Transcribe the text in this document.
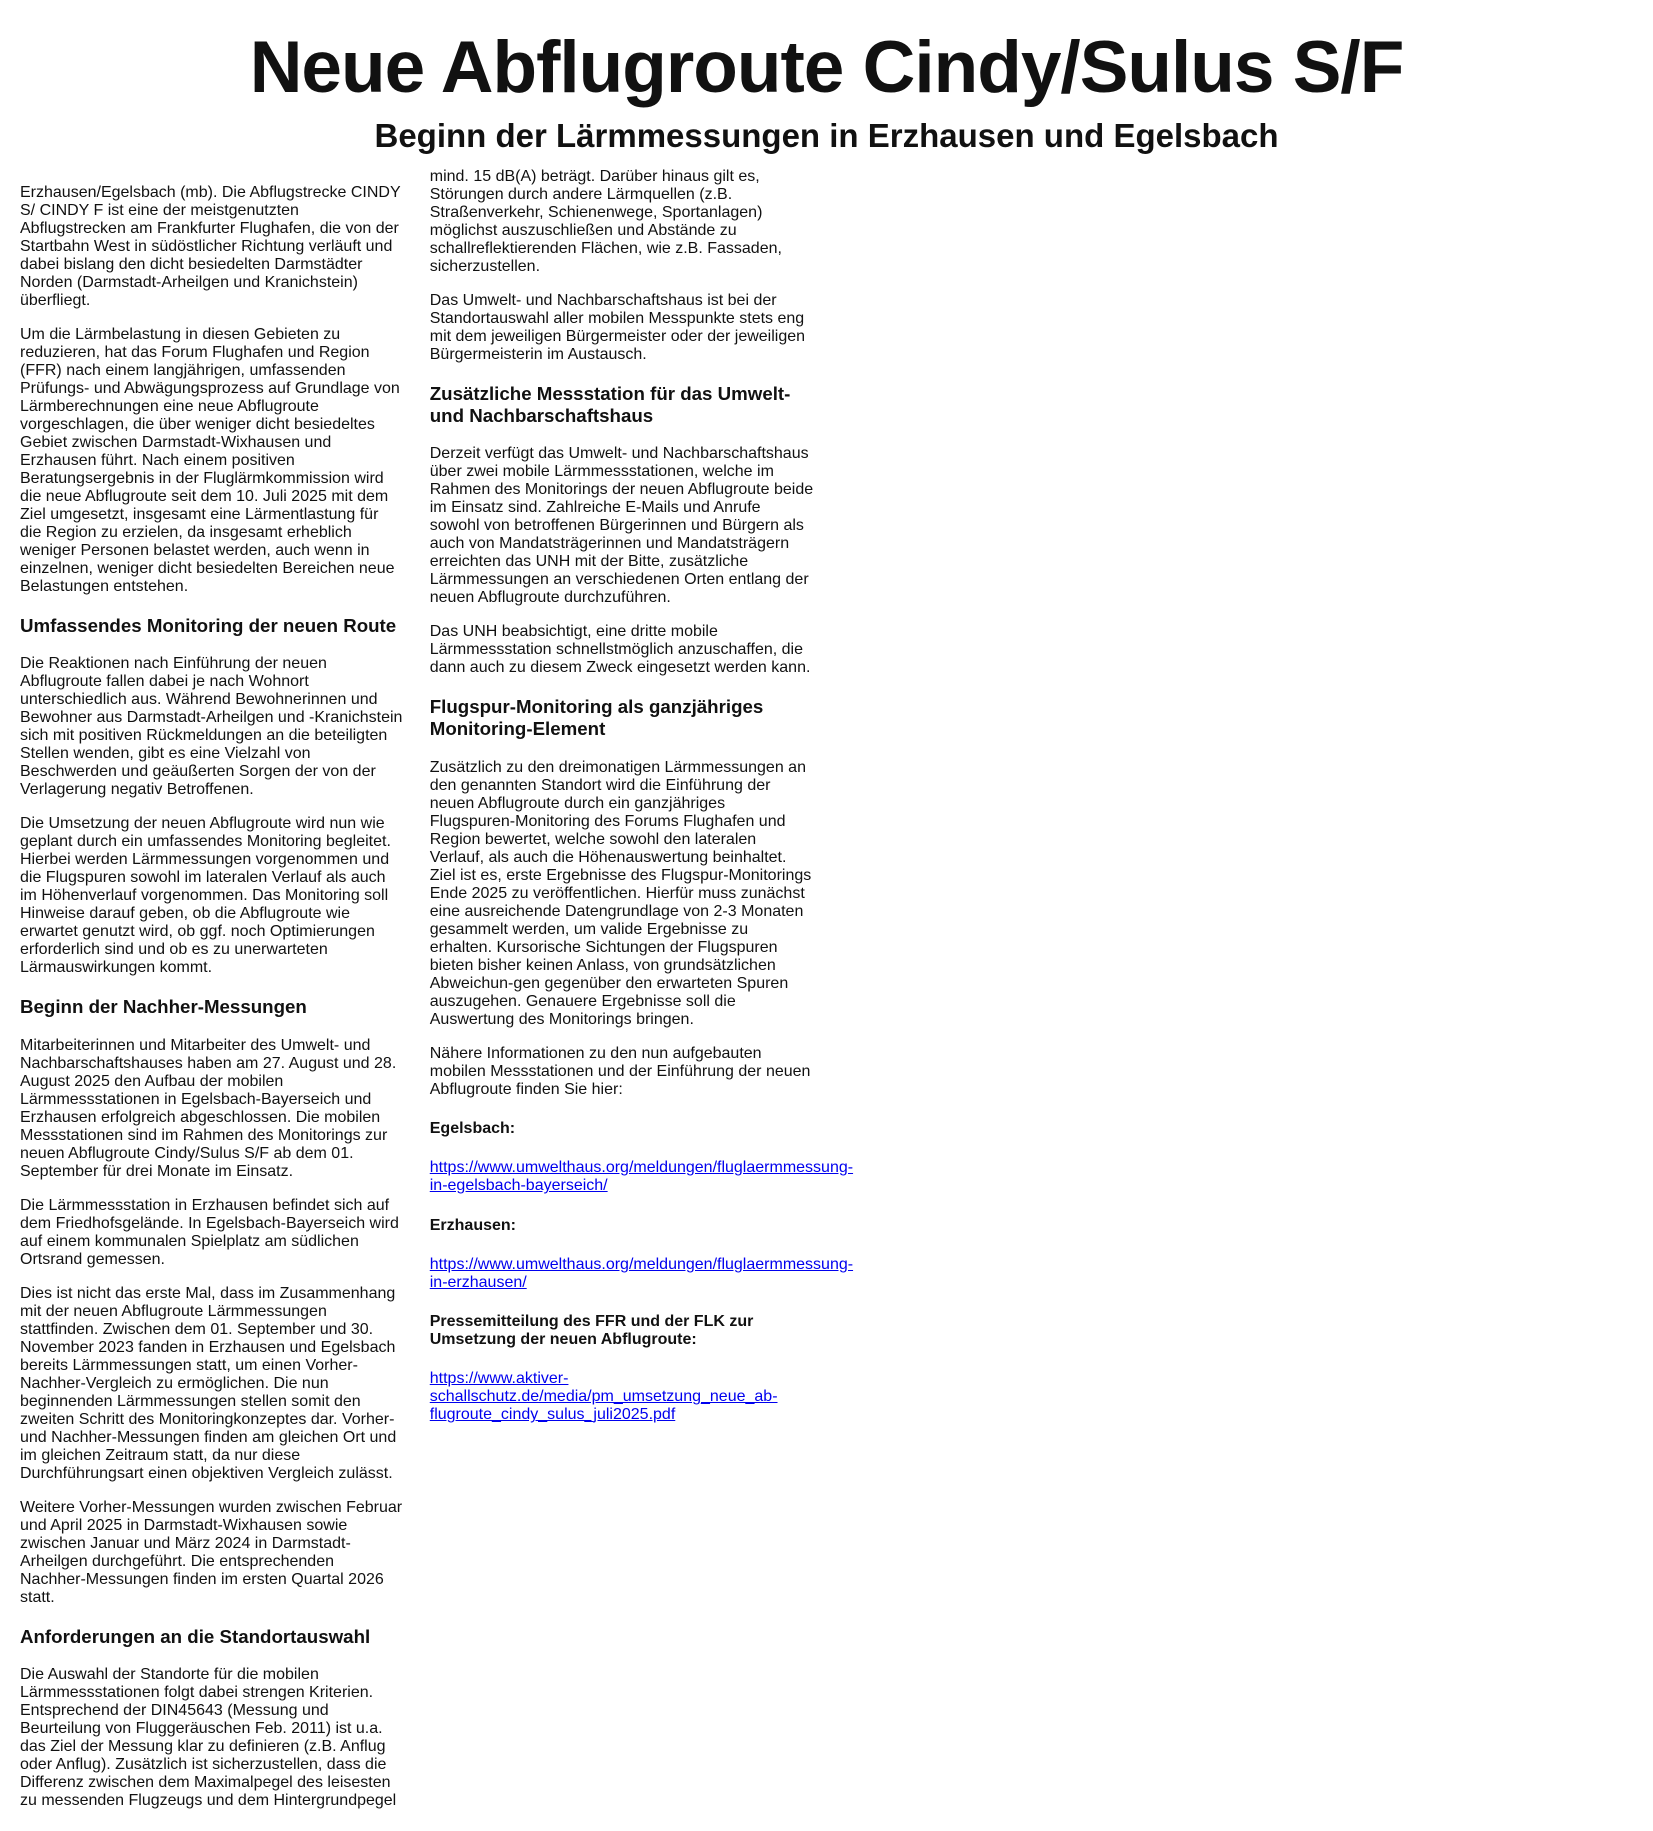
Neue Abflugroute Cindy/Sulus S/F
Beginn der Lärmmessungen in Erzhausen und Egelsbach

Erzhausen/Egelsbach (mb). Die Abflugstrecke CINDY S/ CINDY F ist eine der meistgenutzten Abflugstrecken am Frankfurter Flughafen, die von der Startbahn West in südöstlicher Richtung verläuft und dabei bislang den dicht besiedelten Darmstädter Norden (Darmstadt-Arheilgen und Kranichstein) überfliegt.

Um die Lärmbelastung in diesen Gebieten zu reduzieren, hat das Forum Flughafen und Region (FFR) nach einem langjährigen, umfassenden Prüfungs- und Abwägungsprozess auf Grundlage von Lärmberechnungen eine neue Abflugroute vorgeschlagen, die über weniger dicht besiedeltes Gebiet zwischen Darmstadt-Wixhausen und Erzhausen führt. Nach einem positiven Beratungsergebnis in der Fluglärmkommission wird die neue Abflugroute seit dem 10. Juli 2025 mit dem Ziel umgesetzt, insgesamt eine Lärmentlastung für die Region zu erzielen, da insgesamt erheblich weniger Personen belastet werden, auch wenn in einzelnen, weniger dicht besiedelten Bereichen neue Belastungen entstehen.

Umfassendes Monitoring der neuen Route

Die Reaktionen nach Einführung der neuen Abflugroute fallen dabei je nach Wohnort unterschiedlich aus. Während Bewohnerinnen und Bewohner aus Darmstadt-Arheilgen und -Kranichstein sich mit positiven Rückmeldungen an die beteiligten Stellen wenden, gibt es eine Vielzahl von Beschwerden und geäußerten Sorgen der von der Verlagerung negativ Betroffenen.

Die Umsetzung der neuen Abflugroute wird nun wie geplant durch ein umfassendes Monitoring begleitet. Hierbei werden Lärmmessungen vorgenommen und die Flugspuren sowohl im lateralen Verlauf als auch im Höhenverlauf vorgenommen. Das Monitoring soll Hinweise darauf geben, ob die Abflugroute wie erwartet genutzt wird, ob ggf. noch Optimierungen erforderlich sind und ob es zu unerwarteten Lärmauswirkungen kommt.

Beginn der Nachher-Messungen

Mitarbeiterinnen und Mitarbeiter des Umwelt- und Nachbarschaftshauses haben am 27. August und 28. August 2025 den Aufbau der mobilen Lärmmessstationen in Egelsbach-Bayerseich und Erzhausen erfolgreich abgeschlossen. Die mobilen Messstationen sind im Rahmen des Monitorings zur neuen Abflugroute Cindy/Sulus S/F ab dem 01. September für drei Monate im Einsatz.

Die Lärmmessstation in Erzhausen befindet sich auf dem Friedhofsgelände. In Egelsbach-Bayerseich wird auf einem kommunalen Spielplatz am südlichen Ortsrand gemessen.

Dies ist nicht das erste Mal, dass im Zusammenhang mit der neuen Abflugroute Lärmmessungen stattfinden. Zwischen dem 01. September und 30. November 2023 fanden in Erzhausen und Egelsbach bereits Lärmmessungen statt, um einen Vorher-Nachher-Vergleich zu ermöglichen. Die nun beginnenden Lärmmessungen stellen somit den zweiten Schritt des Monitoringkonzeptes dar. Vorher- und Nachher-Messungen finden am gleichen Ort und im gleichen Zeitraum statt, da nur diese Durchführungsart einen objektiven Vergleich zulässt.

Weitere Vorher-Messungen wurden zwischen Februar und April 2025 in Darmstadt-Wixhausen sowie zwischen Januar und März 2024 in Darmstadt-Arheilgen durchgeführt. Die entsprechenden Nachher-Messungen finden im ersten Quartal 2026 statt.

Anforderungen an die Standortauswahl

Die Auswahl der Standorte für die mobilen Lärmmessstationen folgt dabei strengen Kriterien. Entsprechend der DIN45643 (Messung und Beurteilung von Fluggeräuschen Feb. 2011) ist u.a. das Ziel der Messung klar zu definieren (z.B. Anflug oder Anflug). Zusätzlich ist sicherzustellen, dass die Differenz zwischen dem Maximalpegel des leisesten zu messenden Flugzeugs und dem Hintergrundpegel mind. 15 dB(A) beträgt. Darüber hinaus gilt es, Störungen durch andere Lärmquellen (z.B. Straßenverkehr, Schienenwege, Sportanlagen) möglichst auszuschließen und Abstände zu schallreflektierenden Flächen, wie z.B. Fassaden, sicherzustellen.

Das Umwelt- und Nachbarschaftshaus ist bei der Standortauswahl aller mobilen Messpunkte stets eng mit dem jeweiligen Bürgermeister oder der jeweiligen Bürgermeisterin im Austausch.

Zusätzliche Messstation für das Umwelt- und Nachbarschaftshaus

Derzeit verfügt das Umwelt- und Nachbarschaftshaus über zwei mobile Lärmmessstationen, welche im Rahmen des Monitorings der neuen Abflugroute beide im Einsatz sind. Zahlreiche E-Mails und Anrufe sowohl von betroffenen Bürgerinnen und Bürgern als auch von Mandatsträgerinnen und Mandatsträgern erreichten das UNH mit der Bitte, zusätzliche Lärmmessungen an verschiedenen Orten entlang der neuen Abflugroute durchzuführen.

Das UNH beabsichtigt, eine dritte mobile Lärmmessstation schnellstmöglich anzuschaffen, die dann auch zu diesem Zweck eingesetzt werden kann.

Flugspur-Monitoring als ganzjähriges Monitoring-Element

Zusätzlich zu den dreimonatigen Lärmmessungen an den genannten Standort wird die Einführung der neuen Abflugroute durch ein ganzjähriges Flugspuren-Monitoring des Forums Flughafen und Region bewertet, welche sowohl den lateralen Verlauf, als auch die Höhenauswertung beinhaltet. Ziel ist es, erste Ergebnisse des Flugspur-Monitorings Ende 2025 zu veröffentlichen. Hierfür muss zunächst eine ausreichende Datengrundlage von 2-3 Monaten gesammelt werden, um valide Ergebnisse zu erhalten. Kursorische Sichtungen der Flugspuren bieten bisher keinen Anlass, von grundsätzlichen Abweichun-gen gegenüber den erwarteten Spuren auszugehen. Genauere Ergebnisse soll die Auswertung des Monitorings bringen.

Nähere Informationen zu den nun aufgebauten mobilen Messstationen und der Einführung der neuen Abflugroute finden Sie hier:

Egelsbach:
https://www.umwelthaus.org/meldungen/fluglaermmessung-in-egelsbach-bayerseich/
Erzhausen:
https://www.umwelthaus.org/meldungen/fluglaermmessung-in-erzhausen/
Pressemitteilung des FFR und der FLK zur Umsetzung der neuen Abflugroute:
https://www.aktiver-schallschutz.de/media/pm_umsetzung_neue_ab-flugroute_cindy_sulus_juli2025.pdf
